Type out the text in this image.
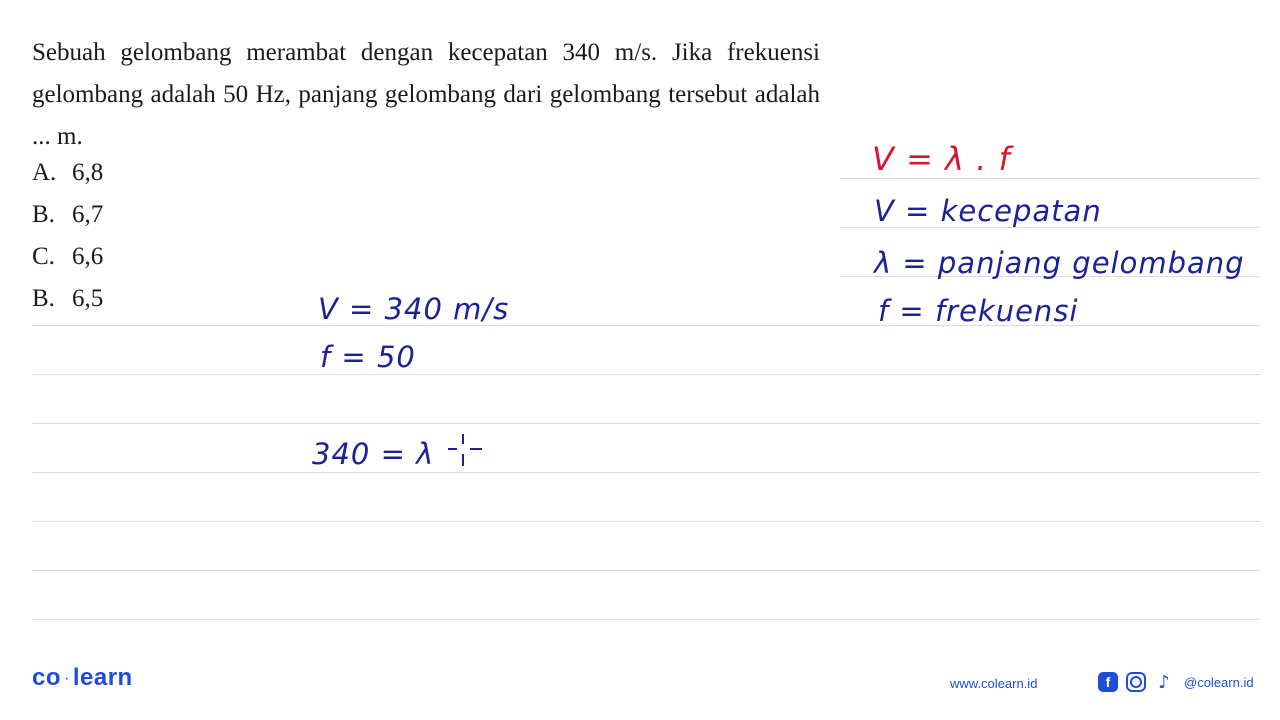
Sebuah gelombang merambat dengan kecepatan 340 m/s. Jika frekuensi gelombang adalah 50 Hz, panjang gelombang dari gelombang tersebut adalah ... m.
A. 6,8
B. 6,7
C. 6,6
B. 6,5
V = λ . f
V = kecepatan
λ = panjang gelombang
f = frekuensi
V = 340 m/s
f = 50
340 = λ
co · learn	www.colearn.id	f	♪	@colearn.id
